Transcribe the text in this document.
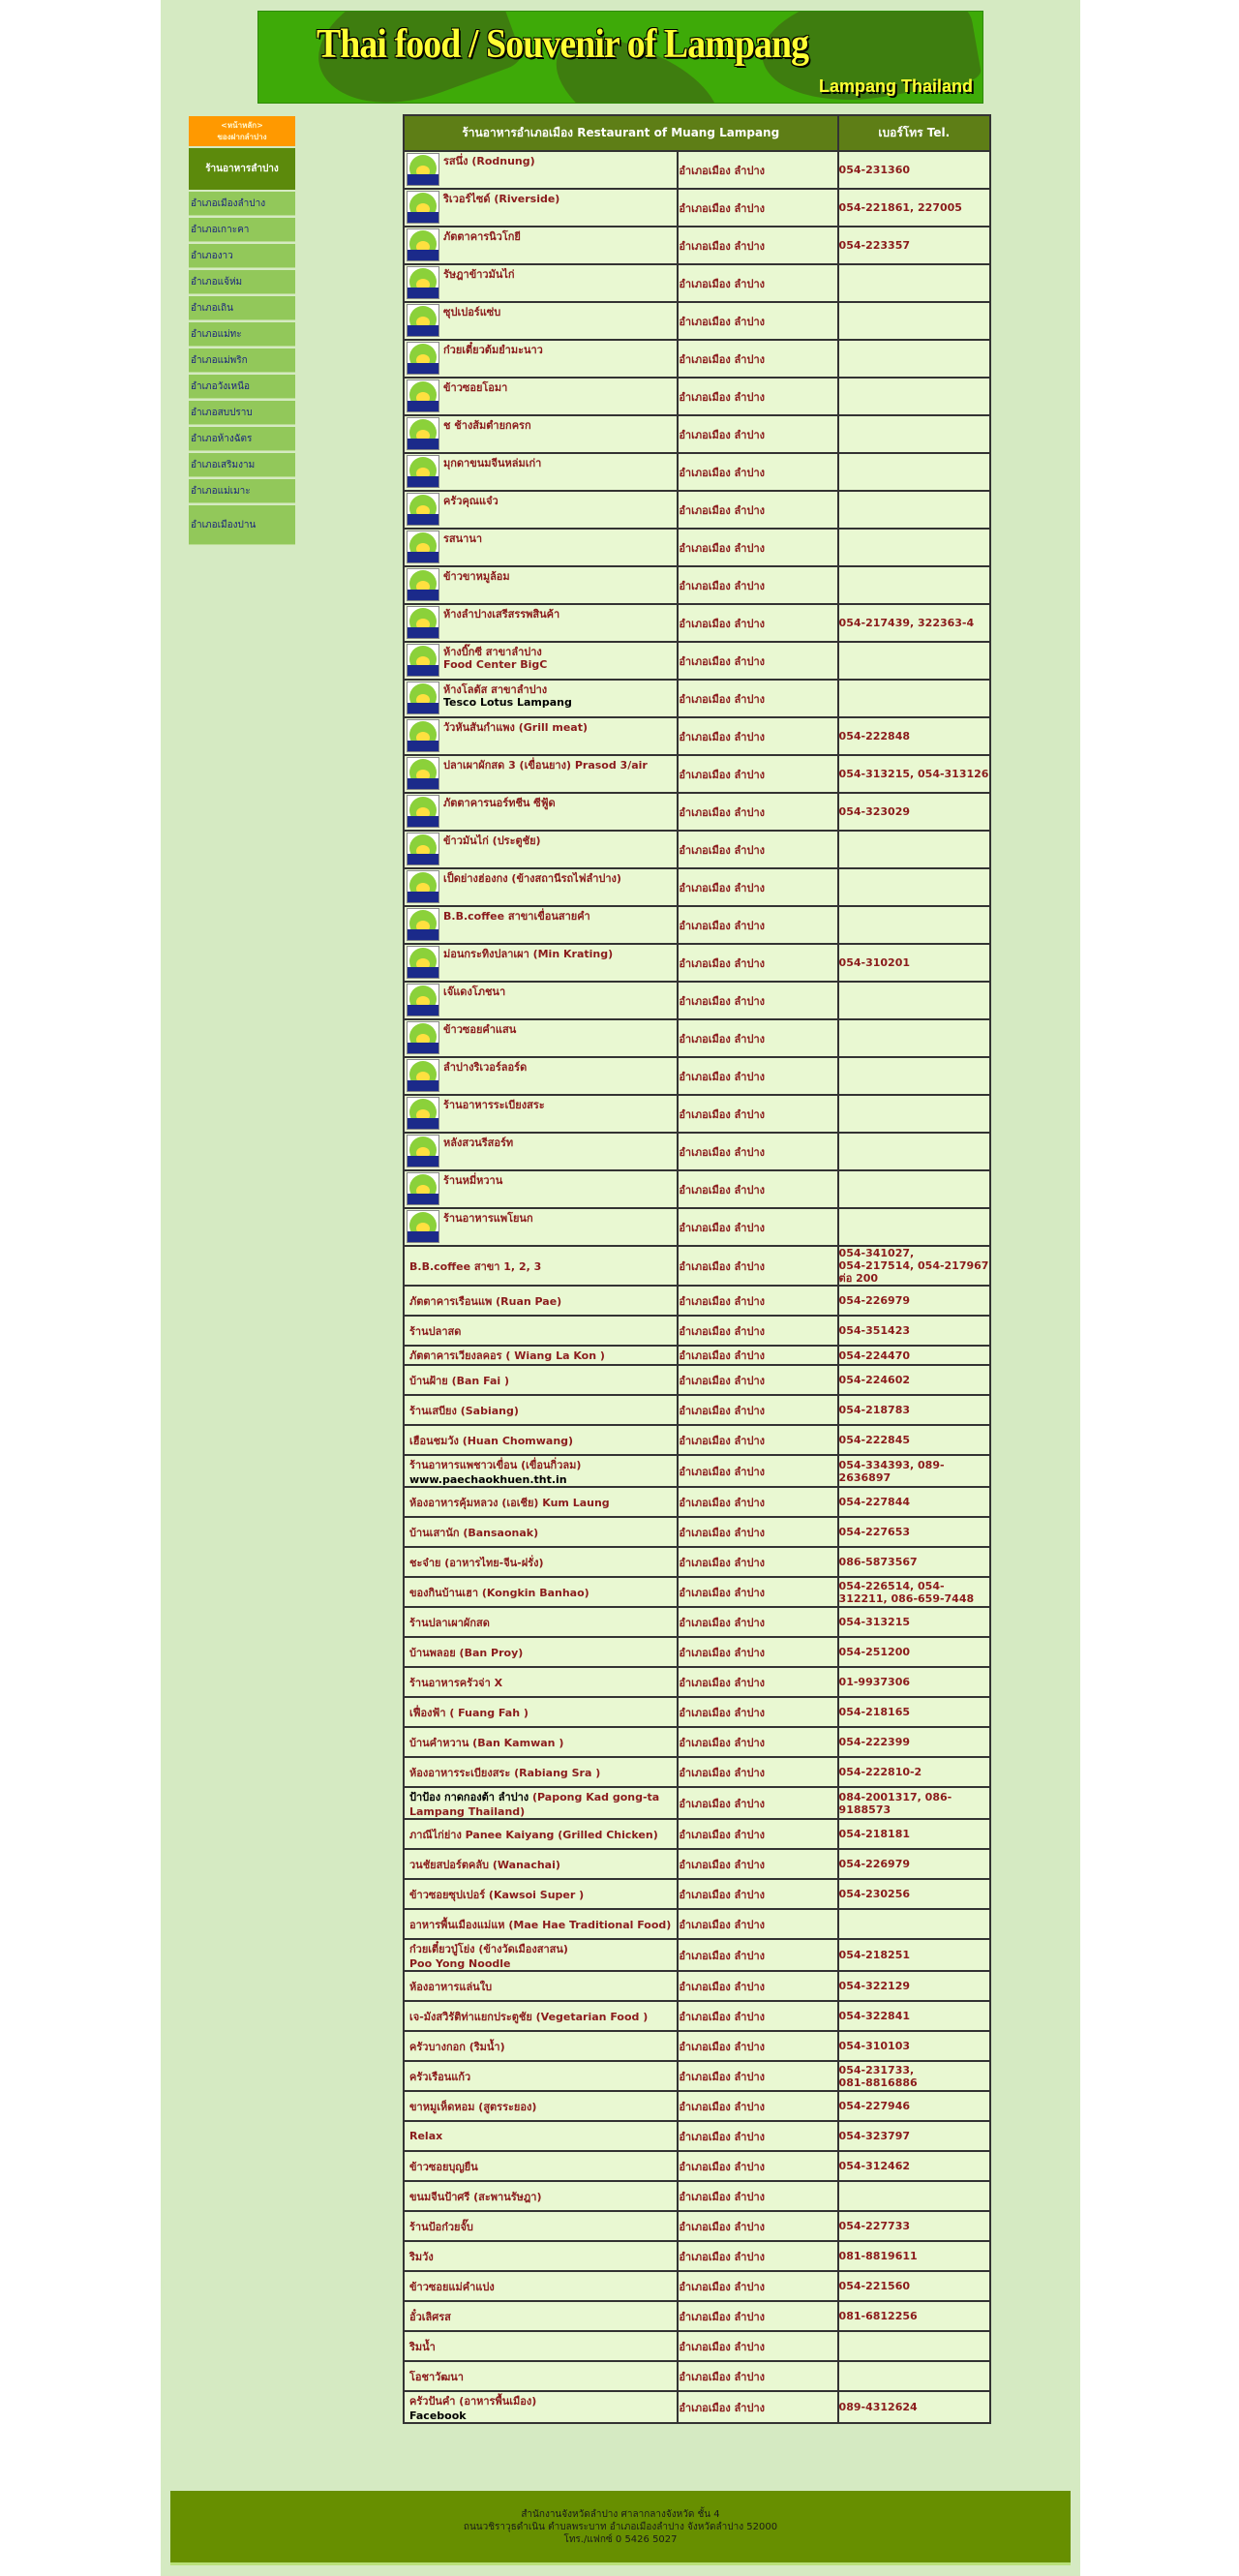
Thai food / Souvenir of Lampang
Lampang Thailand
<หน้าหลัก>
ของฝากลำปาง
ร้านอาหารลำปาง
อำเภอเมืองลำปาง
อำเภอเกาะคา
อำเภองาว
อำเภอแจ้ห่ม
อำเภอเถิน
อำเภอแม่ทะ
อำเภอแม่พริก
อำเภอวังเหนือ
อำเภอสบปราบ
อำเภอห้างฉัตร
อำเภอเสริมงาม
อำเภอแม่เมาะ
อำเภอเมืองปาน
ร้านอาหารอำเภอเมือง Restaurant of Muang Lampang		เบอร์โทร Tel.

รสนึ่ง (Rodnung)	อำเภอเมือง ลำปาง	054-231360

ริเวอร์ไซด์ (Riverside)	อำเภอเมือง ลำปาง	054-221861, 227005

ภัตตาคารนิวโกยี	อำเภอเมือง ลำปาง	054-223357

รัษฎาข้าวมันไก่	อำเภอเมือง ลำปาง	

ซุปเปอร์แซ่บ	อำเภอเมือง ลำปาง	

ก๋วยเตี๋ยวต้มยำมะนาว	อำเภอเมือง ลำปาง	

ข้าวซอยโอมา	อำเภอเมือง ลำปาง	

ช ช้างส้มตำยกครก	อำเภอเมือง ลำปาง	

มุกดาขนมจีนหล่มเก่า	อำเภอเมือง ลำปาง	

ครัวคุณแจ๋ว	อำเภอเมือง ลำปาง	

รสนานา	อำเภอเมือง ลำปาง	

ข้าวขาหมูล้อม	อำเภอเมือง ลำปาง	

ห้างลำปางเสรีสรรพสินค้า	อำเภอเมือง ลำปาง	054-217439, 322363-4

ห้างบิ๊กซี สาขาลำปาง
Food Center BigC	อำเภอเมือง ลำปาง	

ห้างโลตัส สาขาลำปาง
Tesco Lotus Lampang	อำเภอเมือง ลำปาง	

วัวหันสันกำแพง (Grill meat)	อำเภอเมือง ลำปาง	054-222848

ปลาเผาผักสด 3 (เขื่อนยาง) Prasod 3/air	อำเภอเมือง ลำปาง	054-313215, 054-313126

ภัตตาคารนอร์ทชีน ซีฟู้ด	อำเภอเมือง ลำปาง	054-323029

ข้าวมันไก่ (ประตูชัย)	อำเภอเมือง ลำปาง	

เป็ดย่างฮ่องกง (ข้างสถานีรถไฟลำปาง)	อำเภอเมือง ลำปาง	

B.B.coffee สาขาเขื่อนสายคำ	อำเภอเมือง ลำปาง	

ม่อนกระทิงปลาเผา (Min Krating)	อำเภอเมือง ลำปาง	054-310201

เจ๊แดงโภชนา	อำเภอเมือง ลำปาง	

ข้าวซอยคำแสน	อำเภอเมือง ลำปาง	

ลำปางริเวอร์ลอร์ด	อำเภอเมือง ลำปาง	

ร้านอาหารระเบียงสระ	อำเภอเมือง ลำปาง	

หลังสวนรีสอร์ท	อำเภอเมือง ลำปาง	

ร้านหมี่หวาน	อำเภอเมือง ลำปาง	

ร้านอาหารแพโยนก	อำเภอเมือง ลำปาง	

B.B.coffee สาขา 1, 2, 3	อำเภอเมือง ลำปาง	054-341027,
054-217514, 054-217967 ต่อ 200

ภัตตาคารเรือนแพ (Ruan Pae)	อำเภอเมือง ลำปาง	054-226979

ร้านปลาสด	อำเภอเมือง ลำปาง	054-351423

ภัตตาคารเวียงลคอร ( Wiang La Kon )	อำเภอเมือง ลำปาง	054-224470

บ้านฝ้าย (Ban Fai )	อำเภอเมือง ลำปาง	054-224602

ร้านเสบียง (Sabiang)	อำเภอเมือง ลำปาง	054-218783

เฮือนชมวัง (Huan Chomwang)	อำเภอเมือง ลำปาง	054-222845

ร้านอาหารแพชาวเขื่อน (เขื่อนกิ่วลม)
www.paechaokhuen.tht.in	อำเภอเมือง ลำปาง	054-334393, 089-2636897

ห้องอาหารคุ้มหลวง (เอเชีย) Kum Laung	อำเภอเมือง ลำปาง	054-227844

บ้านเสานัก (Bansaonak)	อำเภอเมือง ลำปาง	054-227653

ชะจ๋าย (อาหารไทย-จีน-ฝรั่ง)	อำเภอเมือง ลำปาง	086-5873567

ของกินบ้านเฮา (Kongkin Banhao)	อำเภอเมือง ลำปาง	054-226514, 054-312211, 086-659-7448

ร้านปลาเผาผักสด	อำเภอเมือง ลำปาง	054-313215

บ้านพลอย (Ban Proy)	อำเภอเมือง ลำปาง	054-251200

ร้านอาหารครัวจ่า X	อำเภอเมือง ลำปาง	01-9937306

เฟื่องฟ้า ( Fuang Fah )	อำเภอเมือง ลำปาง	054-218165

บ้านคำหวาน (Ban Kamwan )	อำเภอเมือง ลำปาง	054-222399

ห้องอาหารระเบียงสระ (Rabiang Sra )	อำเภอเมือง ลำปาง	054-222810-2

ป้าป้อง กาดกองต้า ลำปาง (Papong Kad gong-ta Lampang Thailand)	อำเภอเมือง ลำปาง	084-2001317, 086-9188573

ภาณีไก่ย่าง Panee Kaiyang (Grilled Chicken)	อำเภอเมือง ลำปาง	054-218181

วนชัยสปอร์ตคลับ (Wanachai)	อำเภอเมือง ลำปาง	054-226979

ข้าวซอยซุปเปอร์ (Kawsoi Super )	อำเภอเมือง ลำปาง	054-230256

อาหารพื้นเมืองแม่แห (Mae Hae Traditional Food)	อำเภอเมือง ลำปาง	

ก๋วยเตี๋ยวปู่โย่ง (ข้างวัดเมืองสาสน)
Poo Yong Noodle	อำเภอเมือง ลำปาง	054-218251

ห้องอาหารแล่นใบ	อำเภอเมือง ลำปาง	054-322129

เจ-มังสวิรัติท่าแยกประตูชัย (Vegetarian Food )	อำเภอเมือง ลำปาง	054-322841

ครัวบางกอก (ริมน้ำ)	อำเภอเมือง ลำปาง	054-310103

ครัวเรือนแก้ว	อำเภอเมือง ลำปาง	054-231733,
081-8816886

ขาหมูเห็ดหอม (สูตรระยอง)	อำเภอเมือง ลำปาง	054-227946

Relax	อำเภอเมือง ลำปาง	054-323797

ข้าวซอยบุญยืน	อำเภอเมือง ลำปาง	054-312462

ขนมจีนป้าศรี (สะพานรัษฎา)	อำเภอเมือง ลำปาง	

ร้านป้อก๋วยจั๊บ	อำเภอเมือง ลำปาง	054-227733

ริมวัง	อำเภอเมือง ลำปาง	081-8819611

ข้าวซอยแม่คำแปง	อำเภอเมือง ลำปาง	054-221560

อั๋วเลิศรส	อำเภอเมือง ลำปาง	081-6812256

ริมน้ำ	อำเภอเมือง ลำปาง	

โอชาวัฒนา	อำเภอเมือง ลำปาง	

ครัวปันคำ (อาหารพื้นเมือง)
Facebook	อำเภอเมือง ลำปาง	089-4312624
สำนักงานจังหวัดลำปาง ศาลากลางจังหวัด ชั้น 4
ถนนวชิราวุธดำเนิน ตำบลพระบาท อำเภอเมืองลำปาง จังหวัดลำปาง 52000
โทร./แฟกซ์ 0 5426 5027
